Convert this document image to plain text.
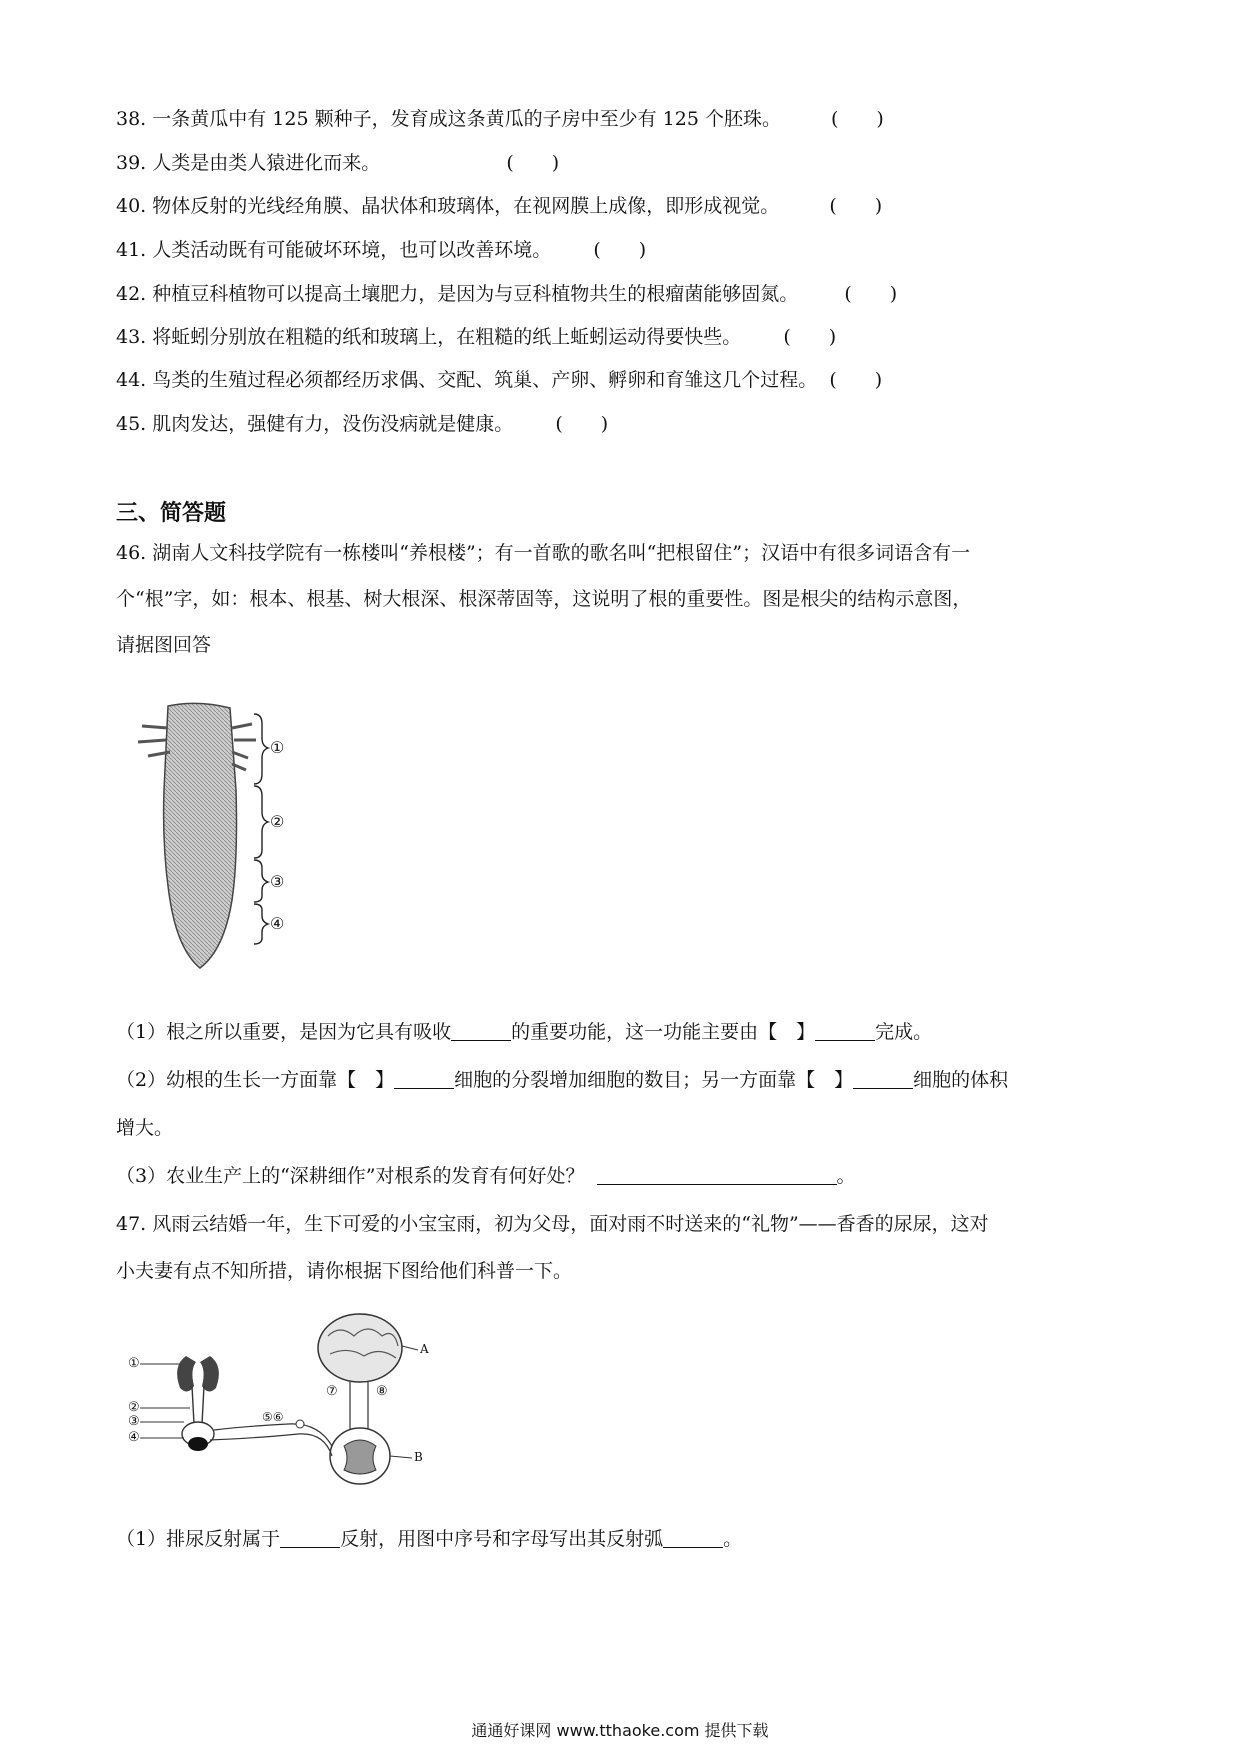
38. 一条黄瓜中有 125 颗种子，发育成这条黄瓜的子房中至少有 125 个胚珠。	(　　)
39. 人类是由类人猿进化而来。	(　　)
40. 物体反射的光线经角膜、晶状体和玻璃体，在视网膜上成像，即形成视觉。	(　　)
41. 人类活动既有可能破坏环境，也可以改善环境。 (　　)
42. 种植豆科植物可以提高土壤肥力，是因为与豆科植物共生的根瘤菌能够固氮。 (　　)
43. 将蚯蚓分别放在粗糙的纸和玻璃上，在粗糙的纸上蚯蚓运动得要快些。 (　　)
44. 鸟类的生殖过程必须都经历求偶、交配、筑巢、产卵、孵卵和育雏这几个过程。 (　　)
45. 肌肉发达，强健有力，没伤没病就是健康。 (　　)
三、简答题
46. 湖南人文科技学院有一栋楼叫“养根楼”；有一首歌的歌名叫“把根留住”；汉语中有很多词语含有一
个“根”字，如：根本、根基、树大根深、根深蒂固等，这说明了根的重要性。图是根尖的结构示意图，
请据图回答
①
②
③
④
（1）根之所以重要，是因为它具有吸收	的重要功能，这一功能主要由【　】	完成。
（2）幼根的生长一方面靠【　】	细胞的分裂增加细胞的数目；另一方面靠【　】	细胞的体积
增大。
（3）农业生产上的“深耕细作”对根系的发育有何好处？	。
47. 风雨云结婚一年，生下可爱的小宝宝雨，初为父母，面对雨不时送来的“礼物”——香香的尿尿，这对
小夫妻有点不知所措，请你根据下图给他们科普一下。
①
②
③
④
⑤⑥
⑦	⑧
A
B
（1）排尿反射属于	反射，用图中序号和字母写出其反射弧	。
通通好课网 www.tthaoke.com 提供下载
